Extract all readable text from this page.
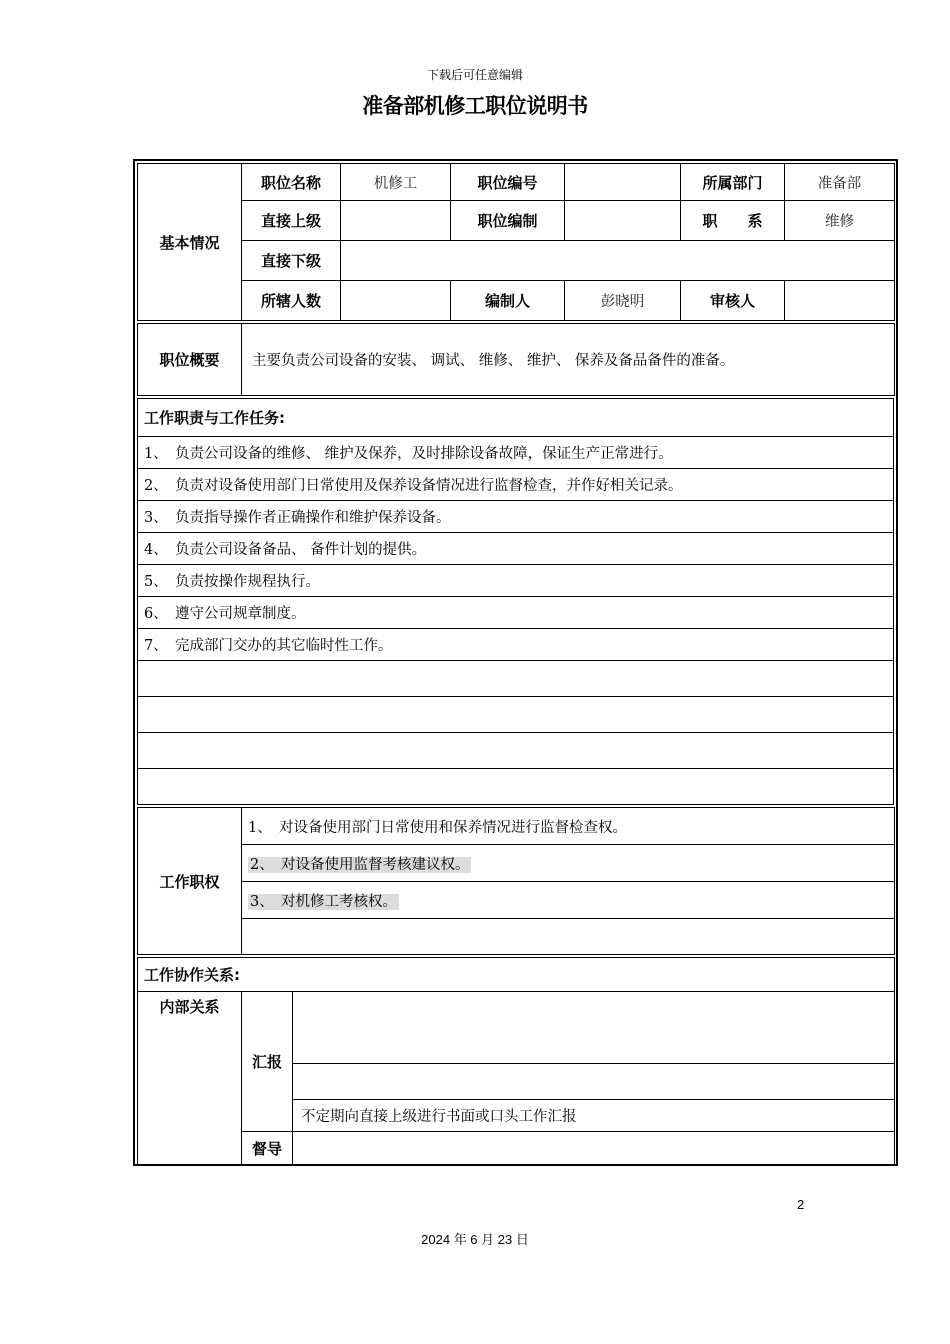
下载后可任意编辑
准备部机修工职位说明书
基本情况	职位名称	机修工	职位编号		所属部门	准备部
	直接上级		职位编制		职　　系	维修
	直接下级					
	所辖人数		编制人	彭晓明	审核人	
职位概要	主要负责公司设备的安装、 调试、 维修、 维护、 保养及备品备件的准备。
工作职责与工作任务:
1、　负责公司设备的维修、 维护及保养，及时排除设备故障，保证生产正常进行。
2、　负责对设备使用部门日常使用及保养设备情况进行监督检查，并作好相关记录。
3、　负责指导操作者正确操作和维护保养设备。
4、　负责公司设备备品、 备件计划的提供。
5、　负责按操作规程执行。
6、　遵守公司规章制度。
7、　完成部门交办的其它临时性工作。

工作职权	1、　对设备使用部门日常使用和保养情况进行监督检查权。
2、　对设备使用监督考核建议权。
3、　对机修工考核权。

工作协作关系:		
内部关系	汇报	

		不定期向直接上级进行书面或口头工作汇报
	督导	
2
2024 年 6 月 23 日
